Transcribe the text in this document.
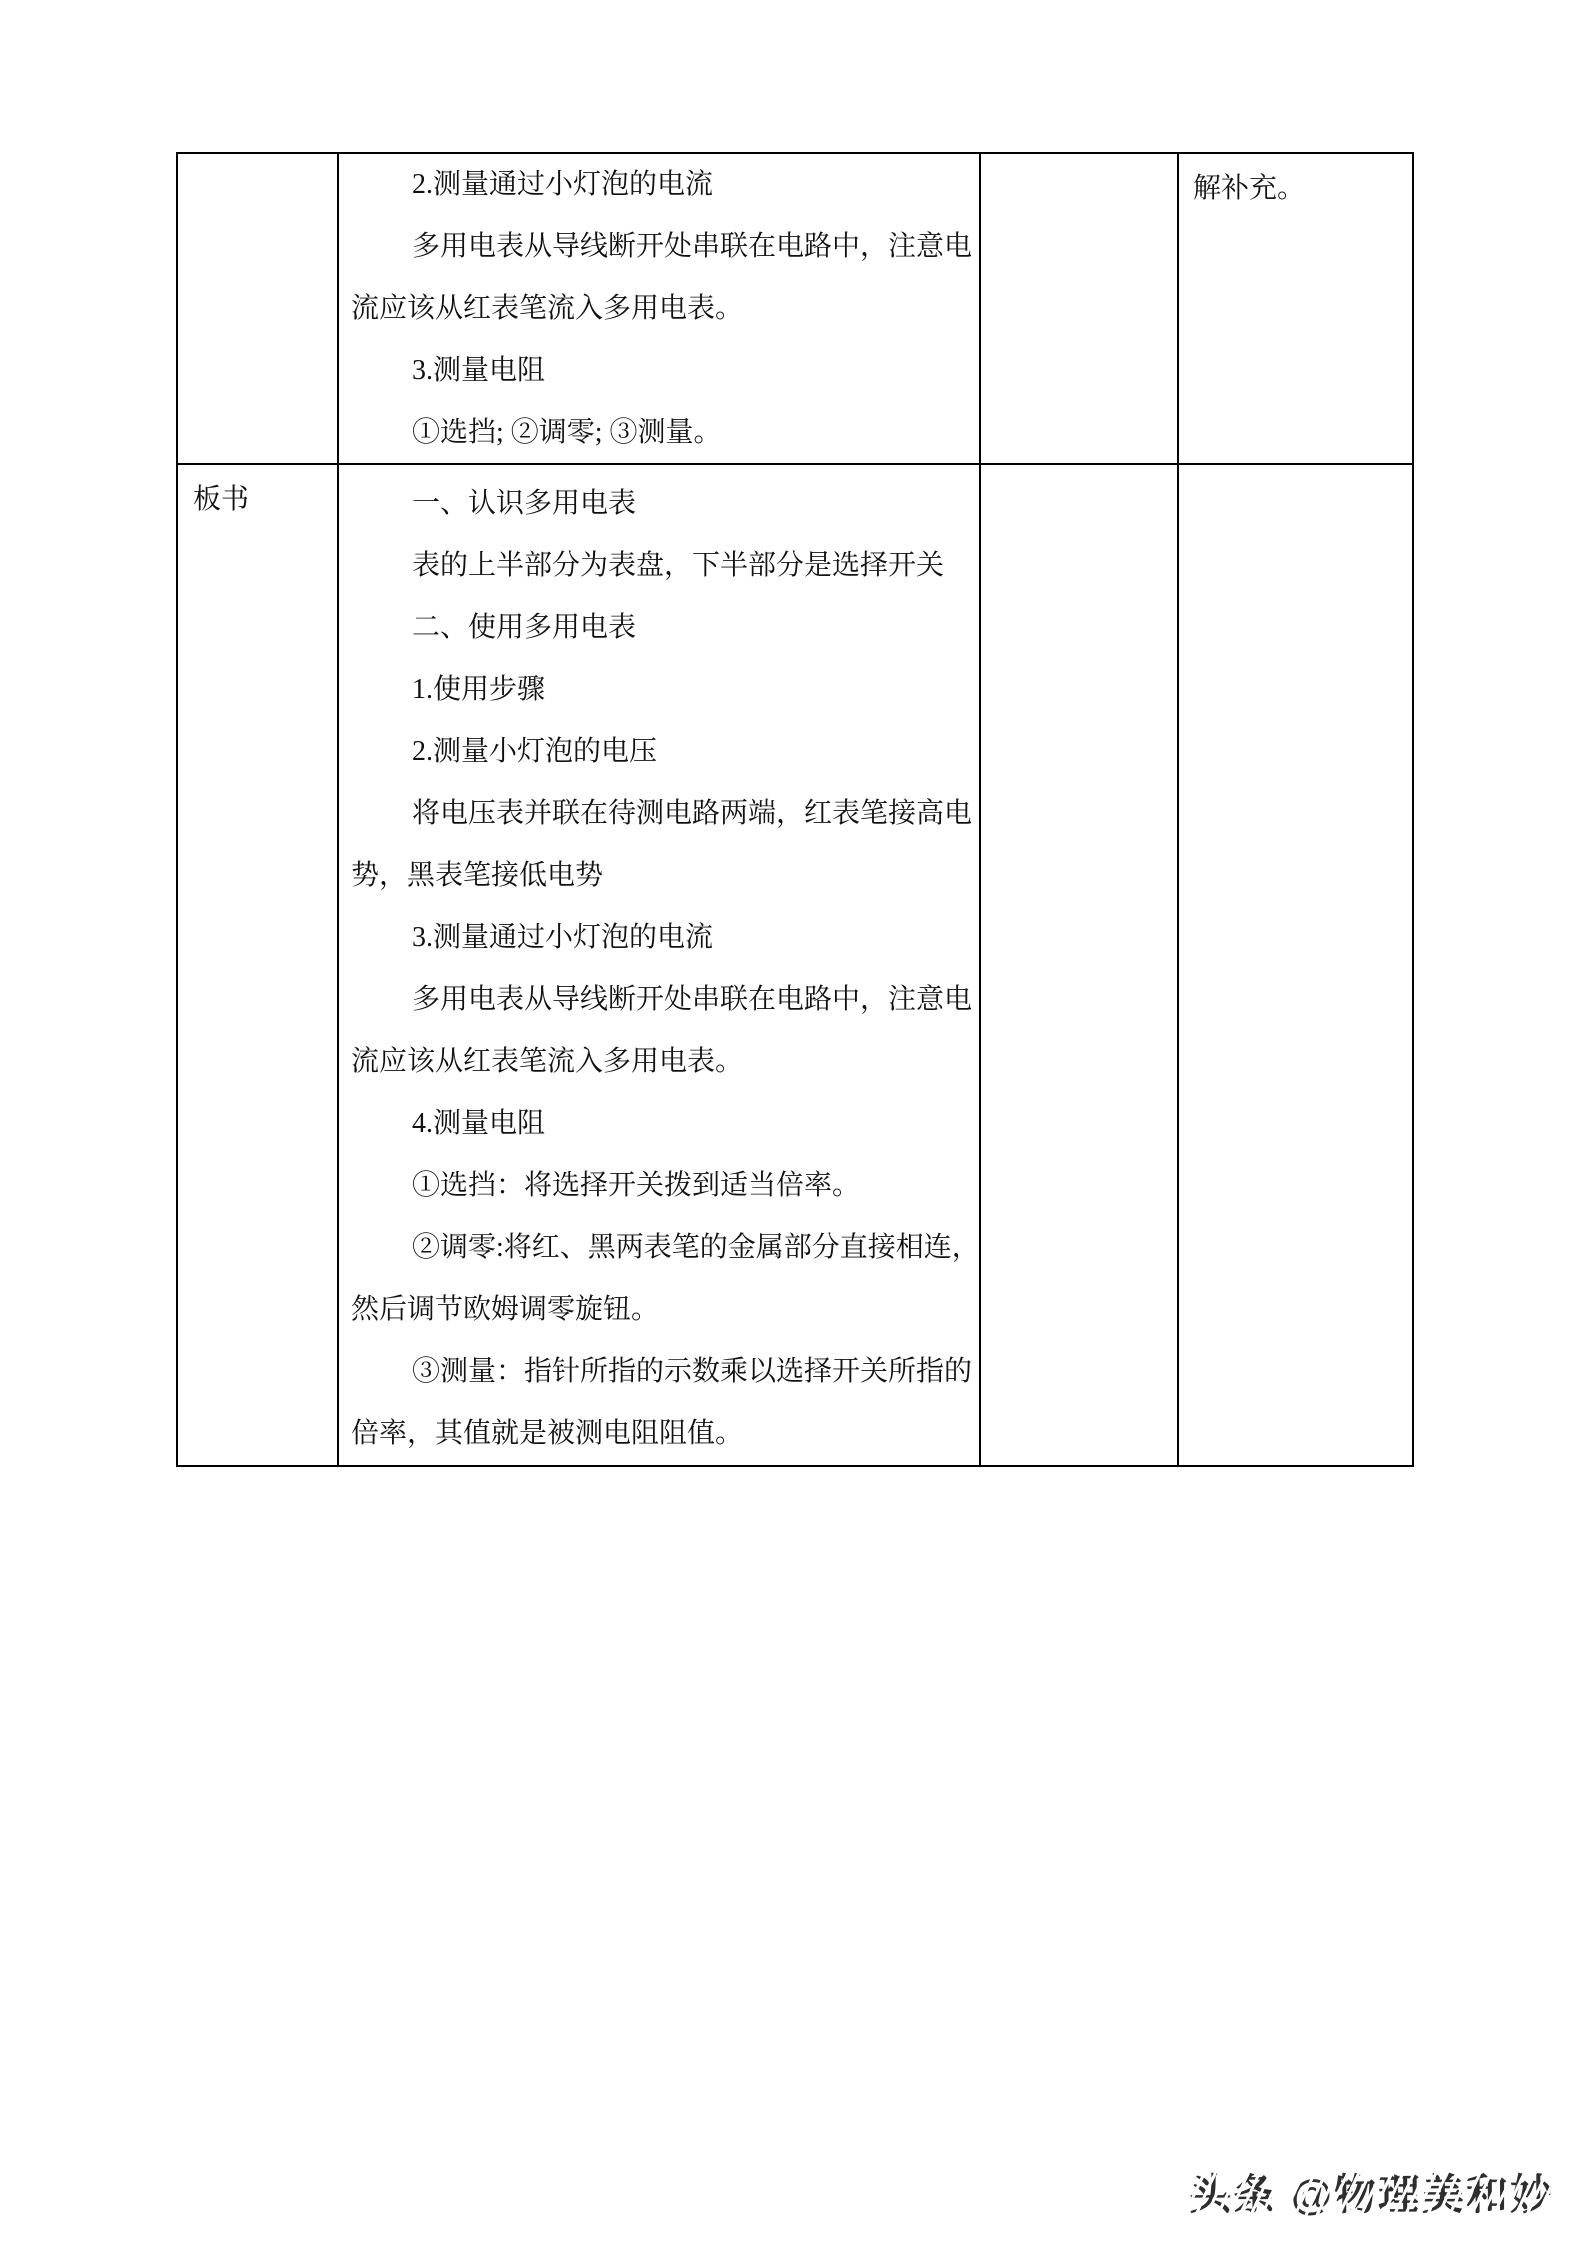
2.测量通过小灯泡的电流
多用电表从导线断开处串联在电路中，注意电
流应该从红表笔流入多用电表。
3.测量电阻
①选挡; ②调零; ③测量。
解补充。
板书	一、认识多用电表
表的上半部分为表盘，下半部分是选择开关
二、使用多用电表
1.使用步骤
2.测量小灯泡的电压
将电压表并联在待测电路两端，红表笔接高电
势，黑表笔接低电势
3.测量通过小灯泡的电流
多用电表从导线断开处串联在电路中，注意电
流应该从红表笔流入多用电表。
4.测量电阻
①选挡：将选择开关拨到适当倍率。
②调零:将红、黑两表笔的金属部分直接相连，
然后调节欧姆调零旋钮。
③测量：指针所指的示数乘以选择开关所指的
倍率，其值就是被测电阻阻值。
头条 @物理美和妙
